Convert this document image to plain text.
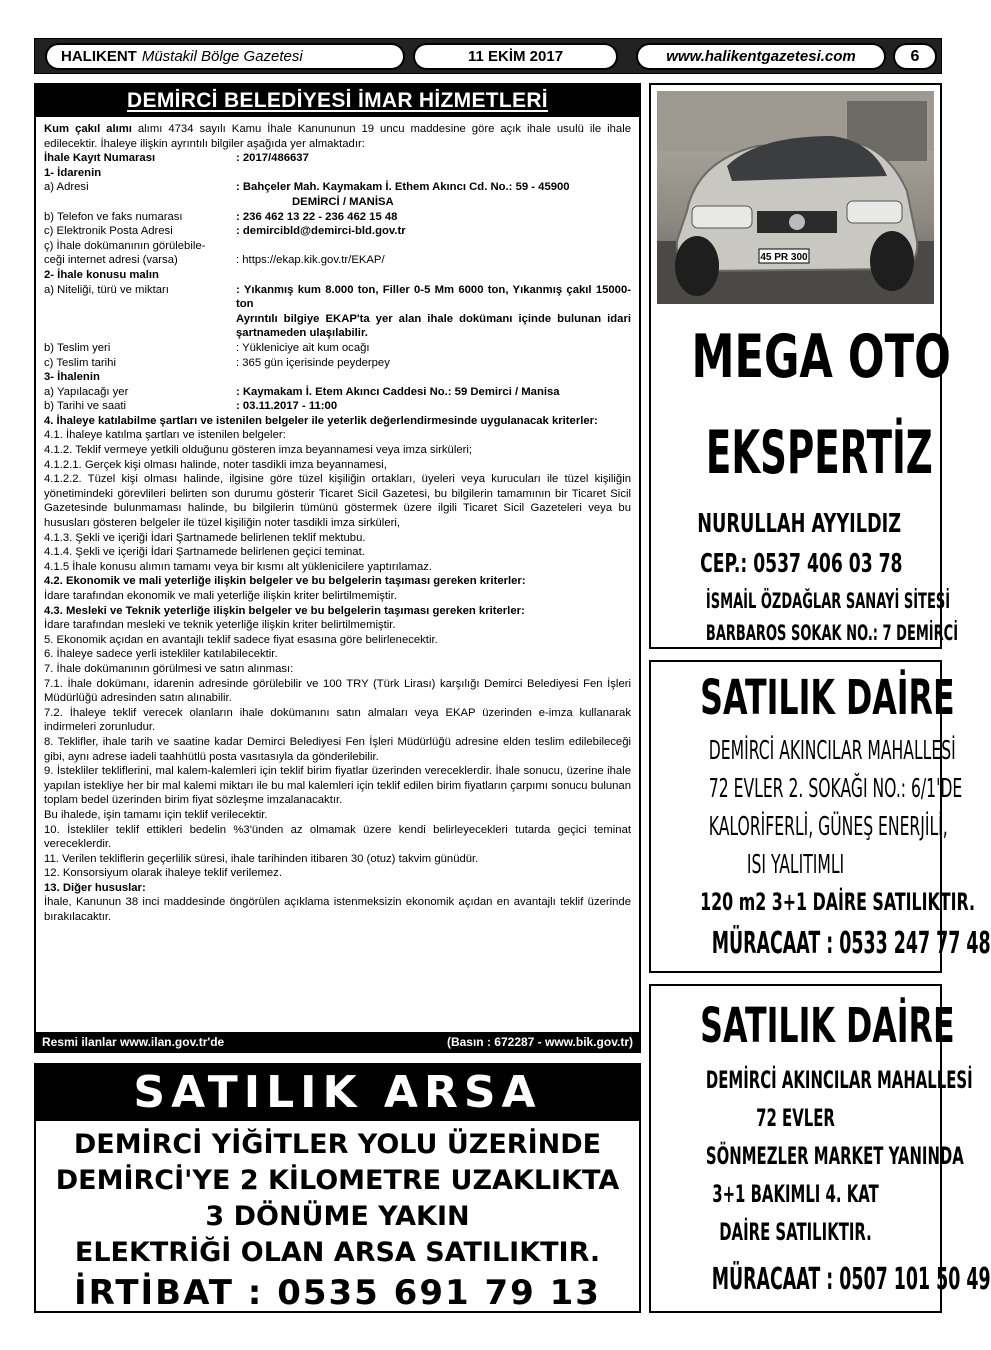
HALIKENT Müstakil Bölge Gazetesi	11 EKİM 2017	www.halikentgazetesi.com	6
DEMİRCİ BELEDİYESİ İMAR HİZMETLERİ
Kum çakıl alımı alımı 4734 sayılı Kamu İhale Kanununun 19 uncu maddesine göre açık ihale usulü ile ihale edilecektir. İhaleye ilişkin ayrıntılı bilgiler aşağıda yer almaktadır:
İhale Kayıt Numarası	: 2017/486637
1- İdarenin
a) Adresi	: Bahçeler Mah. Kaymakam İ. Ethem Akıncı Cd. No.: 59 - 45900
DEMİRCİ / MANİSA
b) Telefon ve faks numarası	: 236 462 13 22 - 236 462 15 48
c) Elektronik Posta Adresi	: demircibld@demirci-bld.gov.tr
ç) İhale dokümanının görülebile-
ceği internet adresi (varsa)	: https://ekap.kik.gov.tr/EKAP/
2- İhale konusu malın
a) Niteliği, türü ve miktarı	: Yıkanmış kum 8.000 ton, Filler 0-5 Mm 6000 ton, Yıkanmış çakıl 15000-ton
Ayrıntılı bilgiye EKAP'ta yer alan ihale dokümanı içinde bulunan idari şartnameden ulaşılabilir.
b) Teslim yeri	: Yükleniciye ait kum ocağı
c) Teslim tarihi	: 365 gün içerisinde peyderpey
3- İhalenin
a) Yapılacağı yer	: Kaymakam İ. Etem Akıncı Caddesi No.: 59 Demirci / Manisa
b) Tarihi ve saati	: 03.11.2017 - 11:00
4. İhaleye katılabilme şartları ve istenilen belgeler ile yeterlik değerlendirmesinde uygulanacak kriterler:
4.1. İhaleye katılma şartları ve istenilen belgeler:
4.1.2. Teklif vermeye yetkili olduğunu gösteren imza beyannamesi veya imza sirküleri;
4.1.2.1. Gerçek kişi olması halinde, noter tasdikli imza beyannamesi,
4.1.2.2. Tüzel kişi olması halinde, ilgisine göre tüzel kişiliğin ortakları, üyeleri veya kurucuları ile tüzel kişiliğin yönetimindeki görevlileri belirten son durumu gösterir Ticaret Sicil Gazetesi, bu bilgilerin tamamının bir Ticaret Sicil Gazetesinde bulunmaması halinde, bu bilgilerin tümünü göstermek üzere ilgili Ticaret Sicil Gazeteleri veya bu hususları gösteren belgeler ile tüzel kişiliğin noter tasdikli imza sirküleri,
4.1.3. Şekli ve içeriği İdari Şartnamede belirlenen teklif mektubu.
4.1.4. Şekli ve içeriği İdari Şartnamede belirlenen geçici teminat.
4.1.5 İhale konusu alımın tamamı veya bir kısmı alt yüklenicilere yaptırılamaz.
4.2. Ekonomik ve mali yeterliğe ilişkin belgeler ve bu belgelerin taşıması gereken kriterler:
İdare tarafından ekonomik ve mali yeterliğe ilişkin kriter belirtilmemiştir.
4.3. Mesleki ve Teknik yeterliğe ilişkin belgeler ve bu belgelerin taşıması gereken kriterler:
İdare tarafından mesleki ve teknik yeterliğe ilişkin kriter belirtilmemiştir.
5. Ekonomik açıdan en avantajlı teklif sadece fiyat esasına göre belirlenecektir.
6. İhaleye sadece yerli istekliler katılabilecektir.
7. İhale dokümanının görülmesi ve satın alınması:
7.1. İhale dokümanı, idarenin adresinde görülebilir ve 100 TRY (Türk Lirası) karşılığı Demirci Belediyesi Fen İşleri Müdürlüğü adresinden satın alınabilir.
7.2. İhaleye teklif verecek olanların ihale dokümanını satın almaları veya EKAP üzerinden e-imza kullanarak indirmeleri zorunludur.
8. Teklifler, ihale tarih ve saatine kadar Demirci Belediyesi Fen İşleri Müdürlüğü adresine elden teslim edilebileceği gibi, aynı adrese iadeli taahhütlü posta vasıtasıyla da gönderilebilir.
9. İstekliler tekliflerini, mal kalem-kalemleri için teklif birim fiyatlar üzerinden vereceklerdir. İhale sonucu, üzerine ihale yapılan istekliye her bir mal kalemi miktarı ile bu mal kalemleri için teklif edilen birim fiyatların çarpımı sonucu bulunan toplam bedel üzerinden birim fiyat sözleşme imzalanacaktır.
Bu ihalede, işin tamamı için teklif verilecektir.
10. İstekliler teklif ettikleri bedelin %3'ünden az olmamak üzere kendi belirleyecekleri tutarda geçici teminat vereceklerdir.
11. Verilen tekliflerin geçerlilik süresi, ihale tarihinden itibaren 30 (otuz) takvim günüdür.
12. Konsorsiyum olarak ihaleye teklif verilemez.
13. Diğer hususlar:
İhale, Kanunun 38 inci maddesinde öngörülen açıklama istenmeksizin ekonomik açıdan en avantajlı teklif üzerinde bırakılacaktır.
Resmi ilanlar www.ilan.gov.tr'de	(Basın : 672287 - www.bik.gov.tr)
SATILIK ARSA
DEMİRCİ YİĞİTLER YOLU ÜZERİNDE
DEMİRCİ'YE 2 KİLOMETRE UZAKLIKTA
3 DÖNÜME YAKIN
ELEKTRİĞİ OLAN ARSA SATILIKTIR.
İRTİBAT : 0535 691 79 13
45 PR 300
MEGA OTO
EKSPERTİZ
NURULLAH AYYILDIZ
CEP.: 0537 406 03 78
İSMAİL ÖZDAĞLAR SANAYİ SİTESİ
BARBAROS SOKAK NO.: 7 DEMİRCİ
SATILIK DAİRE
DEMİRCİ AKINCILAR MAHALLESİ
72 EVLER 2. SOKAĞI NO.: 6/1'DE
KALORİFERLİ, GÜNEŞ ENERJİLİ,
ISI YALITIMLI
120 m2 3+1 DAİRE SATILIKTIR.
MÜRACAAT : 0533 247 77 48
SATILIK DAİRE
DEMİRCİ AKINCILAR MAHALLESİ
72 EVLER
SÖNMEZLER MARKET YANINDA
3+1 BAKIMLI 4. KAT
DAİRE SATILIKTIR.
MÜRACAAT : 0507 101 50 49
